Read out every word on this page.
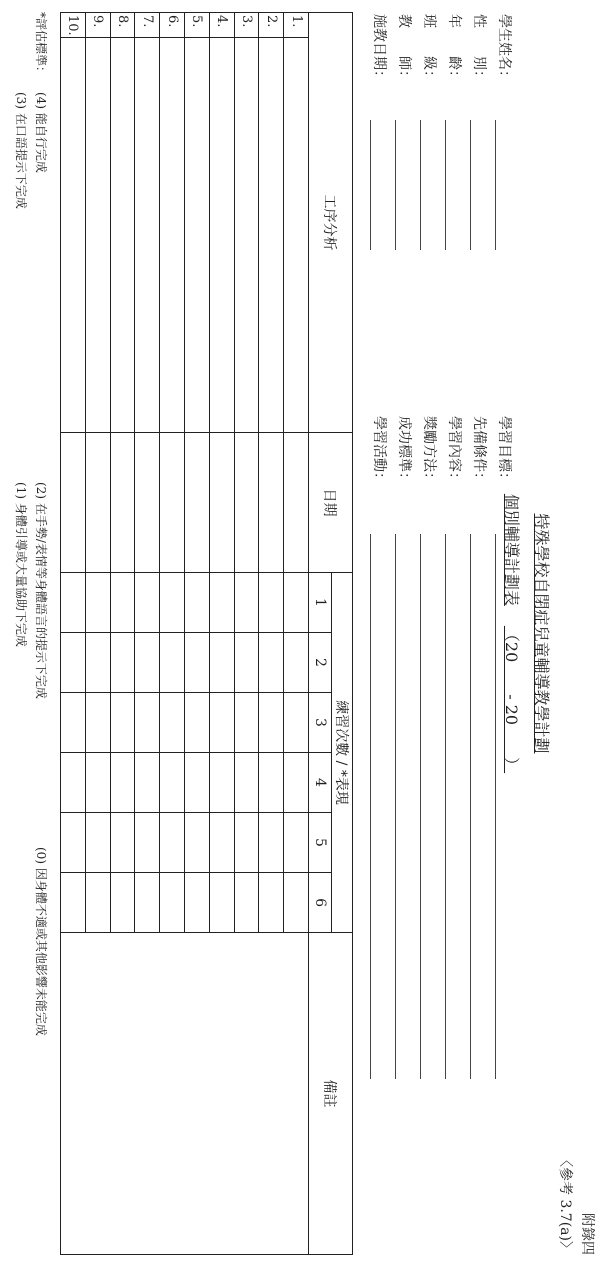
附錄四
〈參考 3.7(a)〉
特殊學校自閉症兒童輔導教學計劃
個別輔導計劃表（20　　- 20　　）
學生姓名：
性　　別：
年　　齡：
班　　級：
教　　師：
施教日期：
學習目標：
先備條件：
學習內容：
獎勵方法：
成功標準：
學習活動：
工序分析		日期	練習次數 / *表現						備註
			1	2	3	4	5	6	
1.									
2.									
3.									
4.									
5.									
6.									
7.									
8.									
9.									
10.									
*評估標準：
(4) 能自行完成
(3) 在口語提示下完成
(2) 在手勢/表情等身體語言的提示下完成
(1) 身體引導或大量協助下完成
(0) 因身體不適或其他影響未能完成
